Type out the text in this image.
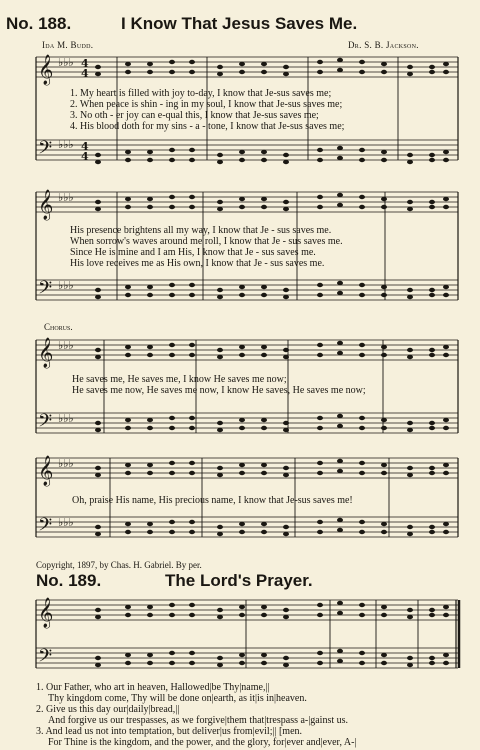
No. 188.	I Know That Jesus Saves Me.
Ida M. Budd.	Dr. S. B. Jackson.
𝄞
𝄢
𝄞
𝄢
𝄞
𝄢
𝄞
𝄢
𝄞
𝄢
♭♭♭
♭♭♭
♭♭♭
♭♭♭
♭♭♭
♭♭♭
♭♭♭
♭♭♭
4
4
4
4
1. My heart is filled with joy to-day, I know that Je-sus saves me;
2. When peace is shin - ing in my soul, I know that Je-sus saves me;
3. No oth - er joy can e-qual this, I know that Je-sus saves me;
4. His blood doth for my sins - a - tone, I know that Je-sus saves me;
His presence brightens all my way, I know that Je - sus saves me.
When sorrow's waves around me roll, I know that Je - sus saves me.
Since He is mine and I am His, I know that Je - sus saves me.
His love receives me as His own, I know that Je - sus saves me.
Chorus.
He saves me, He saves me, I know He saves me now;
He saves me now, He saves me now, I know He saves, He saves me now;
Oh, praise His name, His precious name, I know that Je-sus saves me!
Copyright, 1897, by Chas. H. Gabriel. By per.
No. 189.	The Lord's Prayer.
1. Our Father, who art in heaven, Hallowed|be Thy|name,||
Thy kingdom come, Thy will be done on|earth, as it|is in|heaven.
2. Give us this day our|daily|bread,||
And forgive us our trespasses, as we forgive|them that|trespass a-|gainst us.
3. And lead us not into temptation, but deliver|us from|evil;|| [men.
For Thine is the kingdom, and the power, and the glory, for|ever and|ever, A-|
